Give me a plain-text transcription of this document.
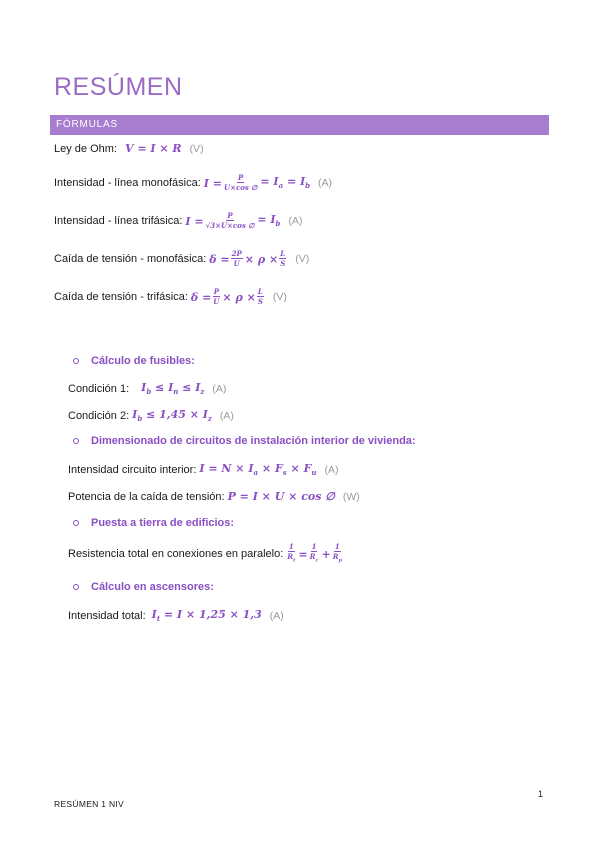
RESÚMEN
FÓRMULAS
Ley de Ohm: V = I × R (V)
Intensidad - línea monofásica: $I = \frac{P}{U\times\cos \emptyset} = I_a = I_b$ (A)
Intensidad - línea trifásica: $I = \frac{P}{√3\times U\times\cos \emptyset} = I_b$ (A)
Caída de tensión - monofásica: $\delta = \frac{2P}{U} \times \rho \times \frac{L}{S} (V)$
Caída de tensión - trifásica: $\delta = \frac{P}{U} \times \rho \times \frac{L}{S} (V)$
Cálculo de fusibles:
Condición 1: $I_b \le I_n \le I_z$ (A)
Condición 2: $I_b \le 1,45 \times I_z$ (A)
Dimensionado de circuitos de instalación interior de vivienda:
Intensidad circuito interior: $I = N \times I_a \times F_s \times F_u$ (A)
Potencia de la caída de tensión: P = I × U × cos ∅ (W)
Puesta a tierra de edificios:
Resistencia total en conexiones en paralelo: $\frac{1}{R_t} = \frac{1}{R_c} + \frac{1}{R_p}$
Cálculo en ascensores:
Intensidad total: $I_t = I \times 1,25 \times 1,3$ (A)
1
RESÚMEN 1 NIV
